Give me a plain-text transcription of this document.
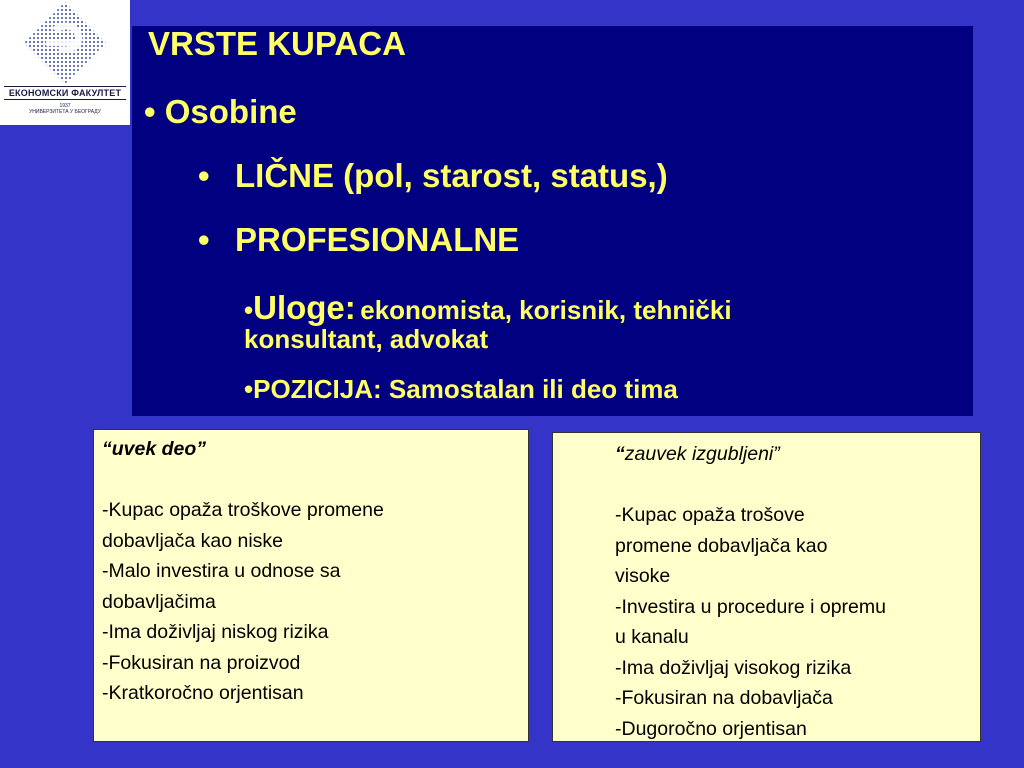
ЕКОНОМСКИ ФАКУЛТЕТ
1937
УНИВЕРЗИТЕТА У БЕОГРАДУ
VRSTE KUPACA
• Osobine
• LIČNE (pol, starost, status,)
• PROFESIONALNE
•Uloge: ekonomista, korisnik, tehnički
konsultant, advokat
•POZICIJA: Samostalan ili deo tima
“uvek deo”
-Kupac opaža troškove promene
dobavljača kao niske
-Malo investira u odnose sa
dobavljačima
-Ima doživljaj niskog rizika
-Fokusiran na proizvod
-Kratkoročno orjentisan
“zauvek izgubljeni”
-Kupac opaža trošove
promene dobavljača kao
visoke
-Investira u procedure i opremu
u kanalu
-Ima doživljaj visokog rizika
-Fokusiran na dobavljača
-Dugoročno orjentisan
